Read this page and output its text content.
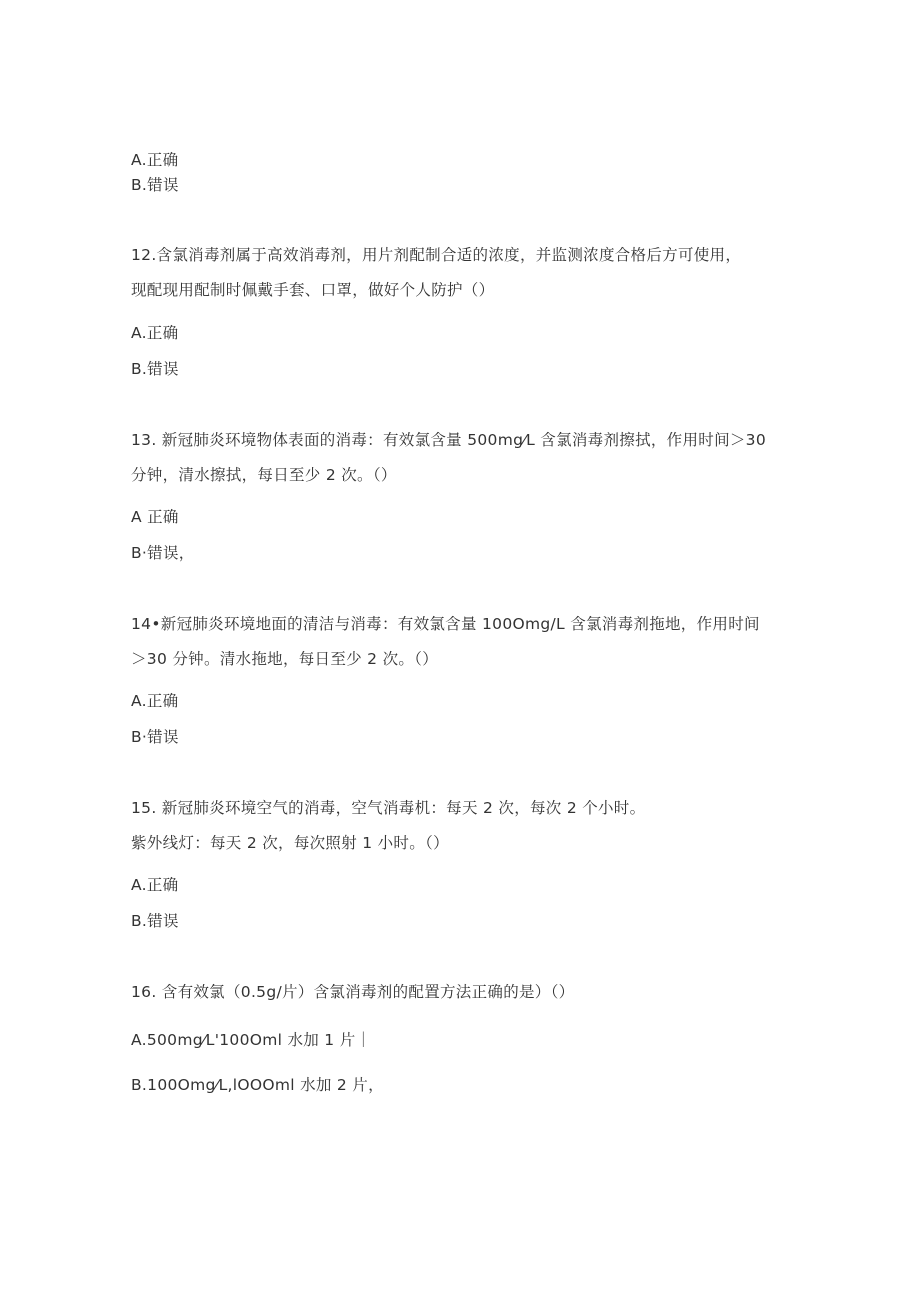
A.正确

B.错误

12.含氯消毒剂属于高效消毒剂，用片剂配制合适的浓度，并监测浓度合格后方可使用，

现配现用配制时佩戴手套、口罩，做好个人防护（）

A.正确

B.错误

13. 新冠肺炎环境物体表面的消毒：有效氯含量 500mg⁄L 含氯消毒剂擦拭，作用时间＞30

分钟，清水擦拭，每日至少 2 次。（）

A 正确

B·错误，

14•新冠肺炎环境地面的清洁与消毒：有效氯含量 100Omg/L 含氯消毒剂拖地，作用时间

＞30 分钟。清水拖地，每日至少 2 次。（）

A.正确

B·错误

15. 新冠肺炎环境空气的消毒，空气消毒机：每天 2 次，每次 2 个小时。

紫外线灯：每天 2 次，每次照射 1 小时。（）

A.正确

B.错误

16. 含有效氯（0.5g/片）含氯消毒剂的配置方法正确的是）（）

A.500mg⁄L'100Oml 水加 1 片｜

B.100Omg⁄L,lOOOml 水加 2 片，
